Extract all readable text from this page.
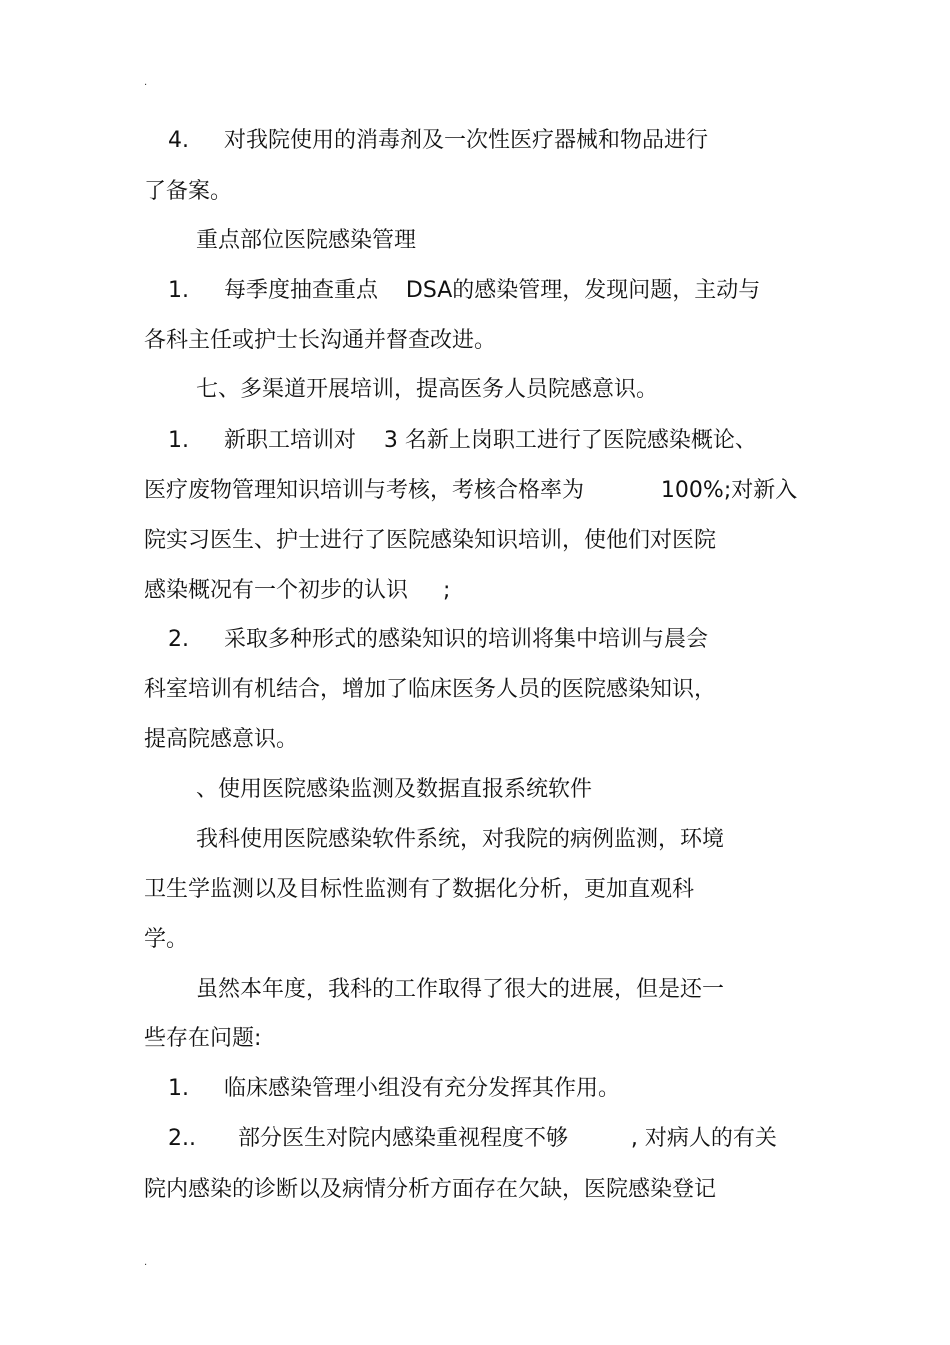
.

4.     对我院使用的消毒剂及一次性医疗器械和物品进行

了备案。

重点部位医院感染管理

1.     每季度抽查重点    DSA的感染管理，发现问题，主动与

各科主任或护士长沟通并督查改进。

七、多渠道开展培训，提高医务人员院感意识。

1.     新职工培训对    3 名新上岗职工进行了医院感染概论、

医疗废物管理知识培训与考核，考核合格率为           100%;对新入

院实习医生、护士进行了医院感染知识培训，使他们对医院

感染概况有一个初步的认识     ;

2.     采取多种形式的感染知识的培训将集中培训与晨会

科室培训有机结合，增加了临床医务人员的医院感染知识，

提高院感意识。

、使用医院感染监测及数据直报系统软件

我科使用医院感染软件系统，对我院的病例监测，环境

卫生学监测以及目标性监测有了数据化分析，更加直观科

学。

虽然本年度，我科的工作取得了很大的进展，但是还一

些存在问题:

1.     临床感染管理小组没有充分发挥其作用。

2..      部分医生对院内感染重视程度不够         , 对病人的有关

院内感染的诊断以及病情分析方面存在欠缺，医院感染登记

.
